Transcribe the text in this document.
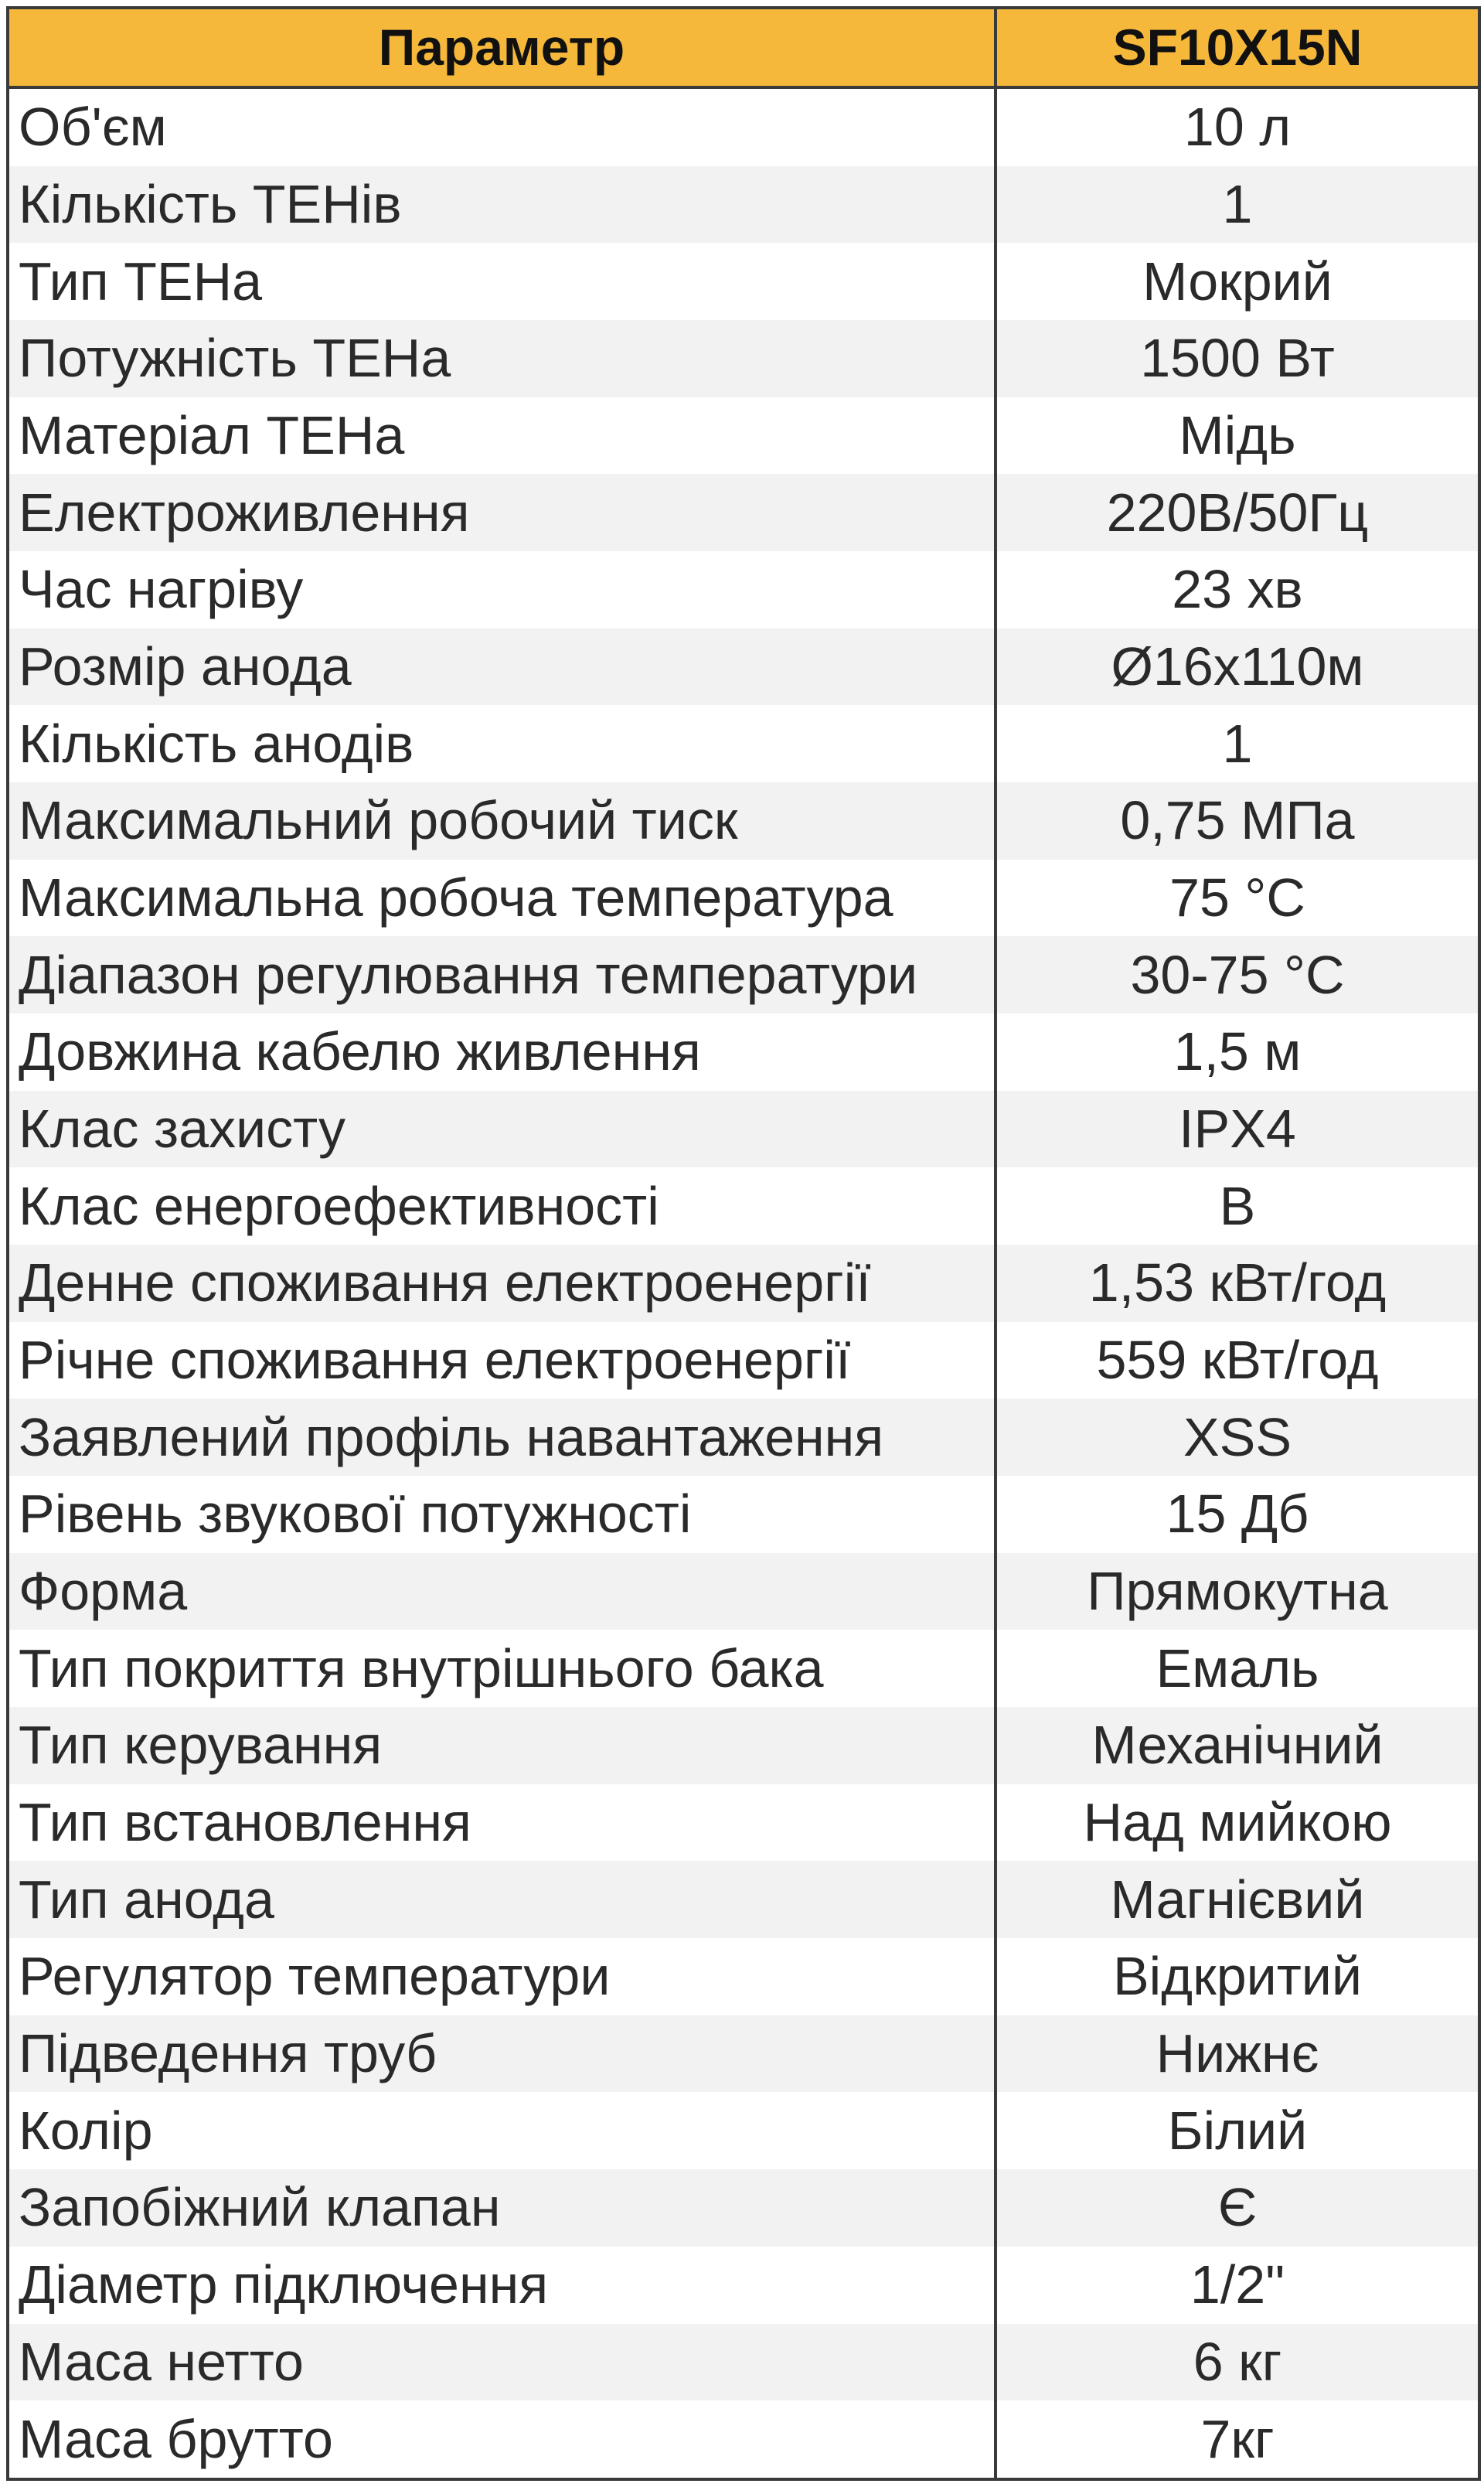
Параметр	SF10X15N
Об'єм	10 л
Кількість ТЕНів	1
Тип ТЕНа	Мокрий
Потужність ТЕНа	1500 Вт
Матеріал ТЕНа	Мідь
Електроживлення	220В/50Гц
Час нагріву	23 хв
Розмір анода	Ø16х110м
Кількість анодів	1
Максимальний робочий тиск	0,75 МПа
Максимальна робоча температура	75 °С
Діапазон регулювання температури	30-75 °С
Довжина кабелю живлення	1,5 м
Клас захисту	IPX4
Клас енергоефективності	B
Денне споживання електроенергії	1,53 кВт/год
Річне споживання електроенергії	559 кВт/год
Заявлений профіль навантаження	XSS
Рівень звукової потужності	15 Дб
Форма	Прямокутна
Тип покриття внутрішнього бака	Емаль
Тип керування	Механічний
Тип встановлення	Над мийкою
Тип анода	Магнієвий
Регулятор температури	Відкритий
Підведення труб	Нижнє
Колір	Білий
Запобіжний клапан	Є
Діаметр підключення	1/2"
Маса нетто	6 кг
Маса брутто	7кг
